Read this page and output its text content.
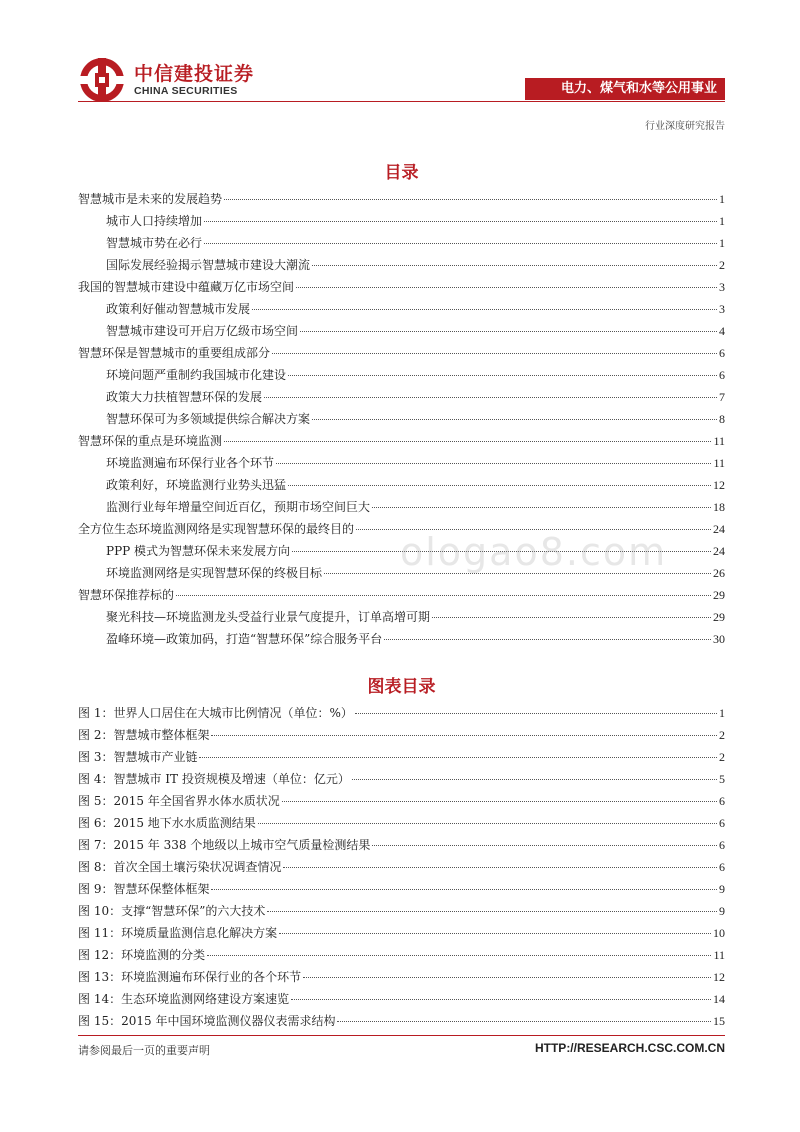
中信建投证券
CHINA SECURITIES	电力、煤气和水等公用事业
行业深度研究报告
目录
智慧城市是未来的发展趋势	1
城市人口持续增加	1
智慧城市势在必行	1
国际发展经验揭示智慧城市建设大潮流	2
我国的智慧城市建设中蕴藏万亿市场空间	3
政策利好催动智慧城市发展	3
智慧城市建设可开启万亿级市场空间	4
智慧环保是智慧城市的重要组成部分	6
环境问题严重制约我国城市化建设	6
政策大力扶植智慧环保的发展	7
智慧环保可为多领域提供综合解决方案	8
智慧环保的重点是环境监测	11
环境监测遍布环保行业各个环节	11
政策利好，环境监测行业势头迅猛	12
监测行业每年增量空间近百亿，预期市场空间巨大	18
全方位生态环境监测网络是实现智慧环保的最终目的	24
PPP 模式为智慧环保未来发展方向	24
环境监测网络是实现智慧环保的终极目标	26
智慧环保推荐标的	29
聚光科技—环境监测龙头受益行业景气度提升，订单高增可期	29
盈峰环境—政策加码，打造“智慧环保”综合服务平台	30
图表目录
图 1：世界人口居住在大城市比例情况（单位：%）	1
图 2：智慧城市整体框架	2
图 3：智慧城市产业链	2
图 4：智慧城市 IT 投资规模及增速（单位：亿元）	5
图 5：2015 年全国省界水体水质状况	6
图 6：2015 地下水水质监测结果	6
图 7：2015 年 338 个地级以上城市空气质量检测结果	6
图 8：首次全国土壤污染状况调查情况	6
图 9：智慧环保整体框架	9
图 10：支撑“智慧环保”的六大技术	9
图 11：环境质量监测信息化解决方案	10
图 12：环境监测的分类	11
图 13：环境监测遍布环保行业的各个环节	12
图 14：生态环境监测网络建设方案速览	14
图 15：2015 年中国环境监测仪器仪表需求结构	15
ologao8.com
请参阅最后一页的重要声明	HTTP://RESEARCH.CSC.COM.CN
